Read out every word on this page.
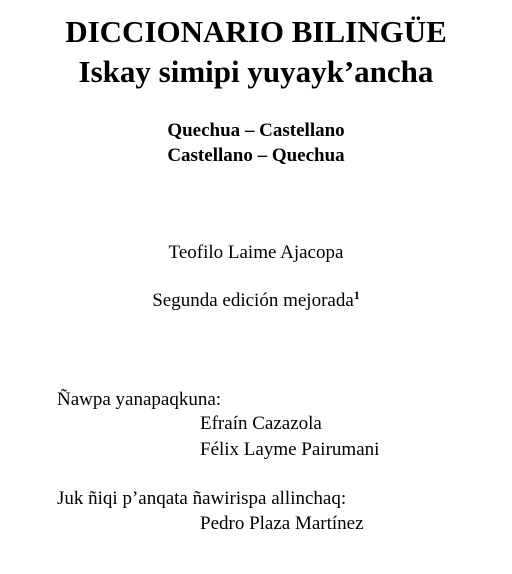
DICCIONARIO BILINGÜE
Iskay simipi yuyayk’ancha
Quechua – Castellano
Castellano – Quechua
Teofilo Laime Ajacopa
Segunda edición mejorada$^1$
Ñawpa yanapaqkuna:
Efraín Cazazola
Félix Layme Pairumani
Juk ñiqi p’anqata ñawirispa allinchaq:
Pedro Plaza Martínez
